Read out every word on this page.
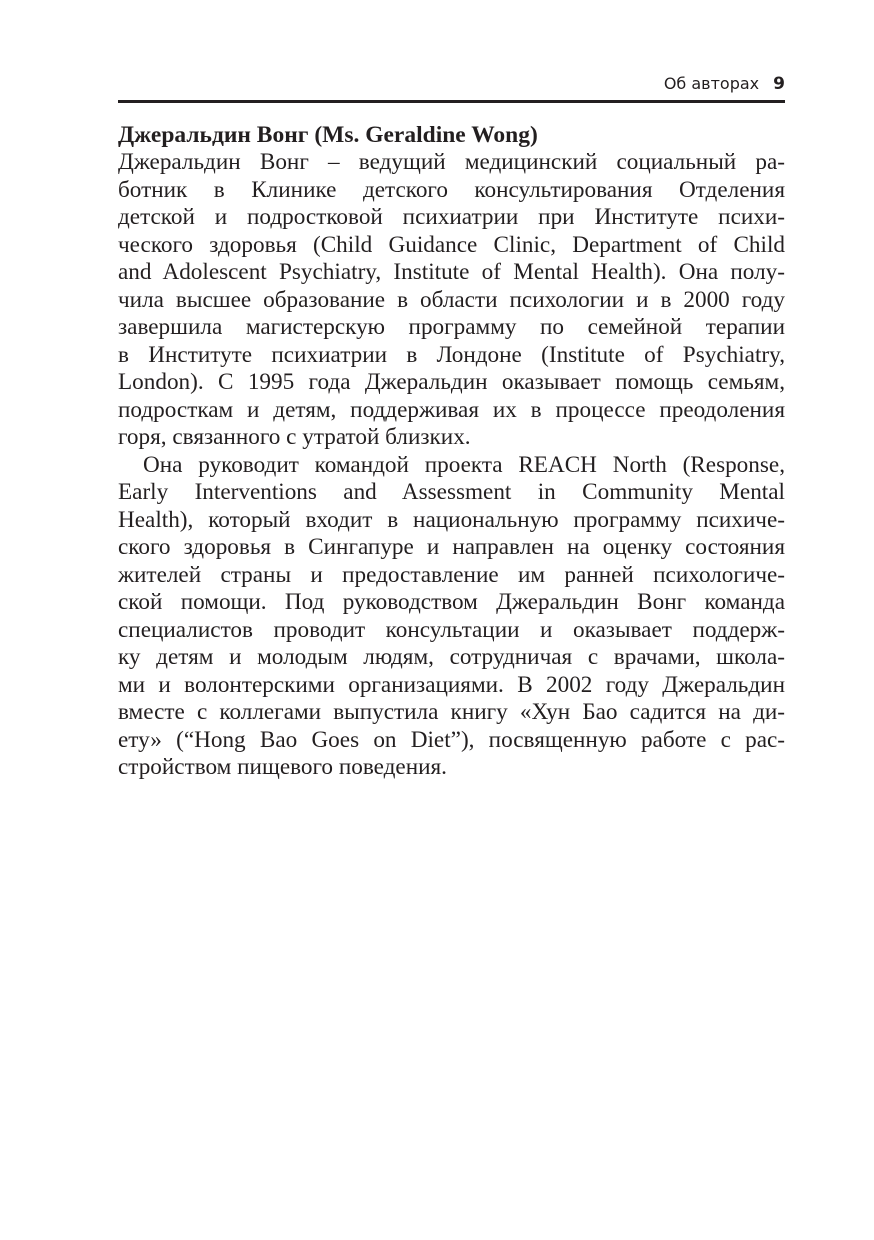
Об авторах 9
Джеральдин Вонг (Ms. Geraldine Wong)
Джеральдин Вонг – ведущий медицинский социальный ра-
ботник в Клинике детского консультирования Отделения
детской и подростковой психиатрии при Институте психи-
ческого здоровья (Child Guidance Clinic, Department of Child
and Adolescent Psychiatry, Institute of Mental Health). Она полу-
чила высшее образование в области психологии и в 2000 году
завершила магистерскую программу по семейной терапии
в Институте психиатрии в Лондоне (Institute of Psychiatry,
London). С 1995 года Джеральдин оказывает помощь семьям,
подросткам и детям, поддерживая их в процессе преодоления
горя, связанного с утратой близких.
Она руководит командой проекта REACH North (Response,
Early Interventions and Assessment in Community Mental
Health), который входит в национальную программу психиче-
ского здоровья в Сингапуре и направлен на оценку состояния
жителей страны и предоставление им ранней психологиче-
ской помощи. Под руководством Джеральдин Вонг команда
специалистов проводит консультации и оказывает поддерж-
ку детям и молодым людям, сотрудничая с врачами, школа-
ми и волонтерскими организациями. В 2002 году Джеральдин
вместе с коллегами выпустила книгу «Хун Бао садится на ди-
ету» (“Hong Bao Goes on Diet”), посвященную работе с рас-
стройством пищевого поведения.
